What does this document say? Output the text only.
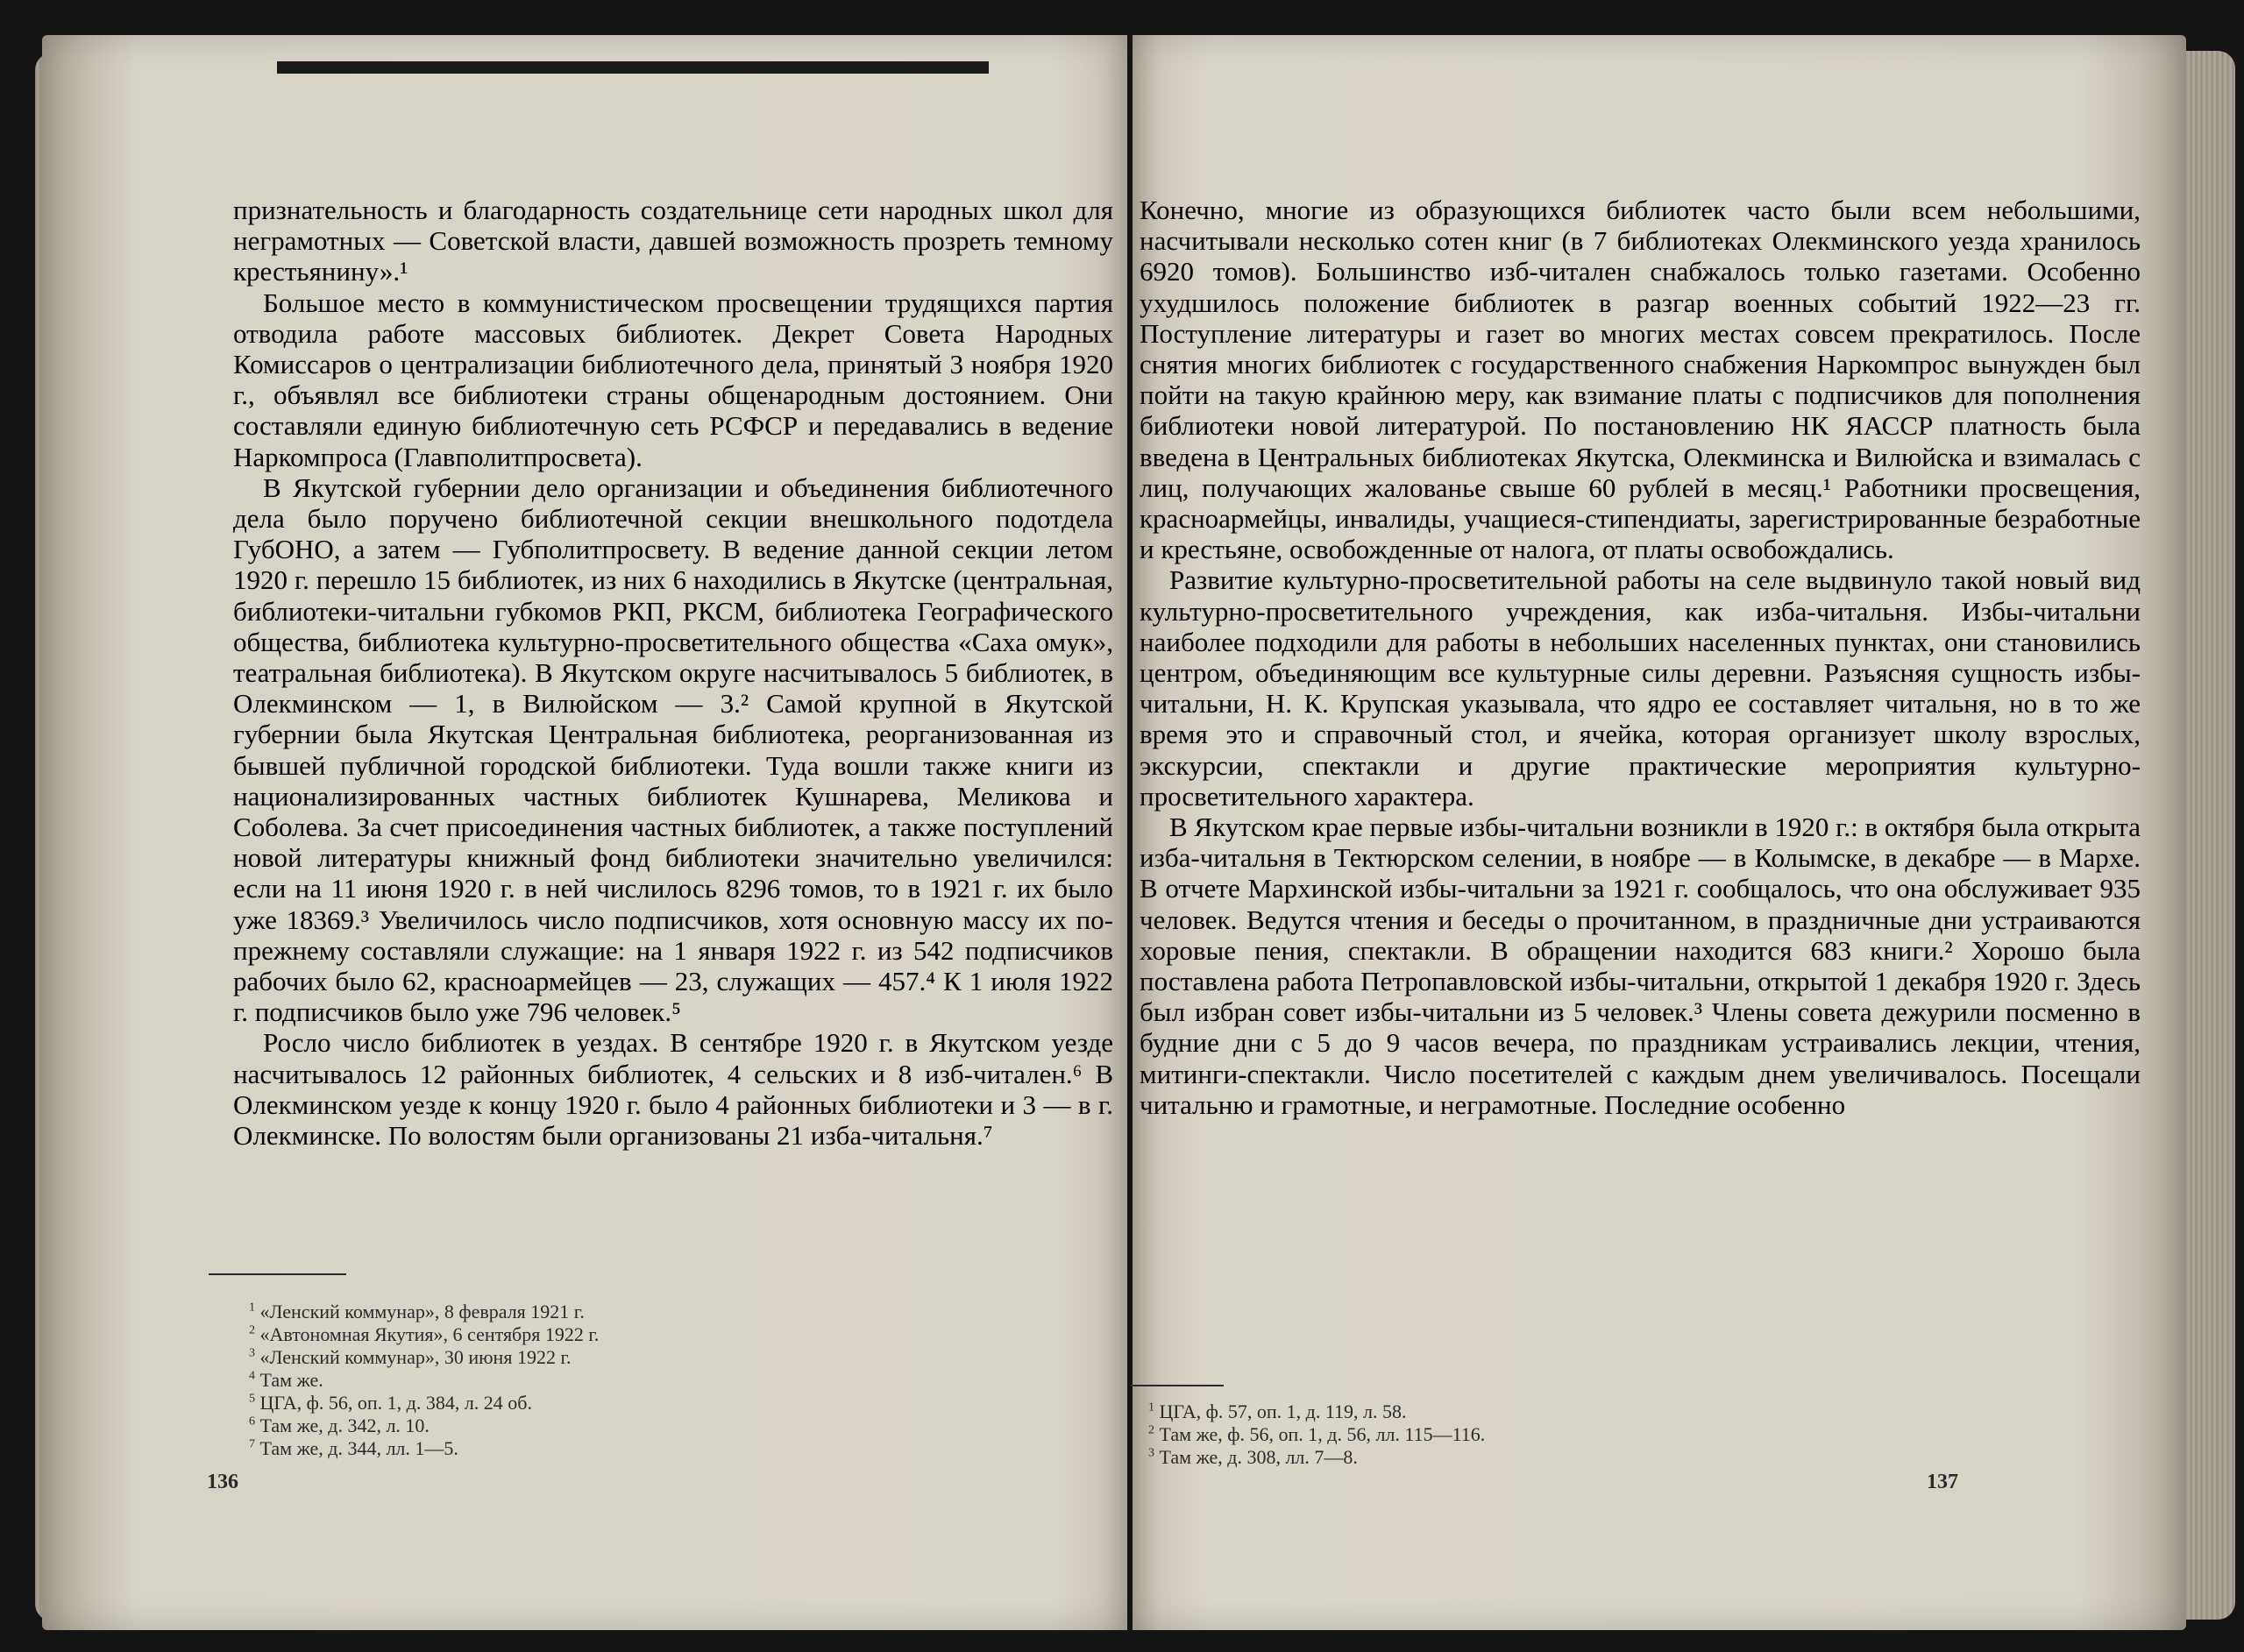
признательность и благодарность создательнице сети народных школ для неграмотных — Советской власти, давшей возможность прозреть темному крестьянину».¹

Большое место в коммунистическом просвещении трудящихся партия отводила работе массовых библиотек. Декрет Совета Народных Комиссаров о централизации библиотечного дела, принятый 3 ноября 1920 г., объявлял все библиотеки страны общенародным достоянием. Они составляли единую библиотечную сеть РСФСР и передавались в ведение Наркомпроса (Главполитпросвета).

В Якутской губернии дело организации и объединения библиотечного дела было поручено библиотечной секции внешкольного подотдела ГубОНО, а затем — Губполитпросвету. В ведение данной секции летом 1920 г. перешло 15 библиотек, из них 6 находились в Якутске (центральная, библиотеки-читальни губкомов РКП, РКСМ, библиотека Географического общества, библиотека культурно-просветительного общества «Саха омук», театральная библиотека). В Якутском округе насчитывалось 5 библиотек, в Олекминском — 1, в Вилюйском — 3.² Самой крупной в Якутской губернии была Якутская Центральная библиотека, реорганизованная из бывшей публичной городской библиотеки. Туда вошли также книги из национализированных частных библиотек Кушнарева, Меликова и Соболева. За счет присоединения частных библиотек, а также поступлений новой литературы книжный фонд библиотеки значительно увеличился: если на 11 июня 1920 г. в ней числилось 8296 томов, то в 1921 г. их было уже 18369.³ Увеличилось число подписчиков, хотя основную массу их по-прежнему составляли служащие: на 1 января 1922 г. из 542 подписчиков рабочих было 62, красноармейцев — 23, служащих — 457.⁴ К 1 июля 1922 г. подписчиков было уже 796 человек.⁵

Росло число библиотек в уездах. В сентябре 1920 г. в Якутском уезде насчитывалось 12 районных библиотек, 4 сельских и 8 изб-читален.⁶ В Олекминском уезде к концу 1920 г. было 4 районных библиотеки и 3 — в г. Олекминске. По волостям были организованы 21 изба-читальня.⁷

$^1$ «Ленский коммунар», 8 февраля 1921 г.
$^2$ «Автономная Якутия», 6 сентября 1922 г.
$^3$ «Ленский коммунар», 30 июня 1922 г.
$^4$ Там же.
$^5$ ЦГА, ф. 56, оп. 1, д. 384, л. 24 об.
$^6$ Там же, д. 342, л. 10.
$^7$ Там же, д. 344, лл. 1—5.
136

Конечно, многие из образующихся библиотек часто были всем небольшими, насчитывали несколько сотен книг (в 7 библиотеках Олекминского уезда хранилось 6920 томов). Большинство изб-читален снабжалось только газетами. Особенно ухудшилось положение библиотек в разгар военных событий 1922—23 гг. Поступление литературы и газет во многих местах совсем прекратилось. После снятия многих библиотек с государственного снабжения Наркомпрос вынужден был пойти на такую крайнюю меру, как взимание платы с подписчиков для пополнения библиотеки новой литературой. По постановлению НК ЯАССР платность была введена в Центральных библиотеках Якутска, Олекминска и Вилюйска и взималась с лиц, получающих жалованье свыше 60 рублей в месяц.¹ Работники просвещения, красноармейцы, инвалиды, учащиеся-стипендиаты, зарегистрированные безработные и крестьяне, освобожденные от налога, от платы освобождались.

Развитие культурно-просветительной работы на селе выдвинуло такой новый вид культурно-просветительного учреждения, как изба-читальня. Избы-читальни наиболее подходили для работы в небольших населенных пунктах, они становились центром, объединяющим все культурные силы деревни. Разъясняя сущность избы-читальни, Н. К. Крупская указывала, что ядро ее составляет читальня, но в то же время это и справочный стол, и ячейка, которая организует школу взрослых, экскурсии, спектакли и другие практические мероприятия культурно-просветительного характера.

В Якутском крае первые избы-читальни возникли в 1920 г.: в октября была открыта изба-читальня в Тектюрском селении, в ноябре — в Колымске, в декабре — в Мархе. В отчете Мархинской избы-читальни за 1921 г. сообщалось, что она обслуживает 935 человек. Ведутся чтения и беседы о прочитанном, в праздничные дни устраиваются хоровые пения, спектакли. В обращении находится 683 книги.² Хорошо была поставлена работа Петропавловской избы-читальни, открытой 1 декабря 1920 г. Здесь был избран совет избы-читальни из 5 человек.³ Члены совета дежурили посменно в будние дни с 5 до 9 часов вечера, по праздникам устраивались лекции, чтения, митинги-спектакли. Число посетителей с каждым днем увеличивалось. Посещали читальню и грамотные, и неграмотные. Последние особенно

$^1$ ЦГА, ф. 57, оп. 1, д. 119, л. 58.
$^2$ Там же, ф. 56, оп. 1, д. 56, лл. 115—116.
$^3$ Там же, д. 308, лл. 7—8.
137
